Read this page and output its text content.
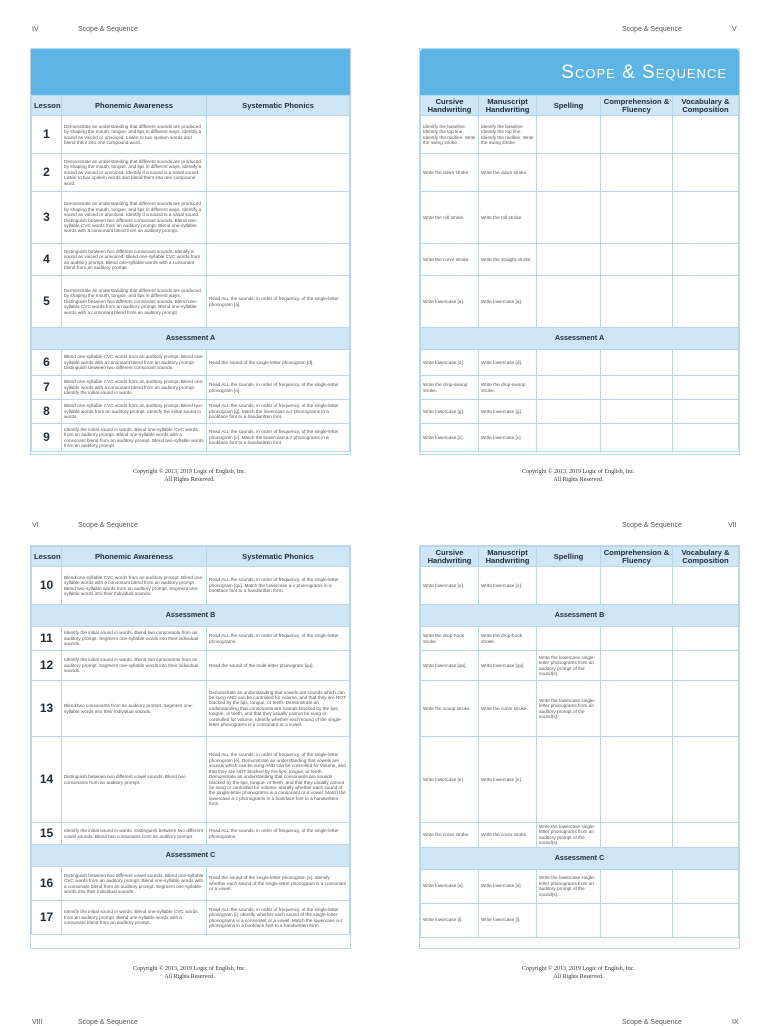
IV	Scope & Sequence
Lesson	Phonemic Awareness	Systematic Phonics
1	Demonstrate an understanding that different sounds are produced by shaping the mouth, tongue, and lips in different ways. Identify a sound as voiced or unvoiced. Listen to two spoken words and blend them into one compound word.	
2	Demonstrate an understanding that different sounds are produced by shaping the mouth, tongue, and lips in different ways. Identify a sound as voiced or unvoiced. Identify if a sound is a nasal sound. Listen to two spoken words and blend them into one compound word.	
3	Demonstrate an understanding that different sounds are produced by shaping the mouth, tongue, and lips in different ways. Identify a sound as voiced or unvoiced. Identify if a sound is a nasal sound. Distinguish between two different consonant sounds. Blend one-syllable CVC words from an auditory prompt. Blend one-syllable words with a consonant blend from an auditory prompt.	
4	Distinguish between two different consonant sounds. Identify a sound as voiced or unvoiced. Blend one-syllable CVC words from an auditory prompt. Blend one-syllable words with a consonant blend from an auditory prompt.	
5	Demonstrate an understanding that different sounds are produced by shaping the mouth, tongue, and lips in different ways. Distinguish between two different consonant sounds. Blend one-syllable CVC words from an auditory prompt. Blend one-syllable words with a consonant blend from an auditory prompt.	Read ALL the sounds, in order of frequency, of the single-letter phonogram [a].
Assessment A		
6	Blend one-syllable CVC words from an auditory prompt. Blend one-syllable words with a consonant blend from an auditory prompt. Distinguish between two different consonant sounds.	Read the sound of the single-letter phonogram [d].
7	Blend one-syllable CVC words from an auditory prompt. Blend one-syllable words with a consonant blend from an auditory prompt. Identify the initial sound in words.	Read ALL the sounds, in order of frequency, of the single-letter phonogram [o].
8	Blend one-syllable CVC words from an auditory prompt. Blend two-syllable words from an auditory prompt. Identify the initial sound in words.	Read ALL the sounds, in order of frequency, of the single-letter phonogram [g]. Match the lowercase a-z phonograms in a bookface font to a handwritten font.
9	Identify the initial sound in words. Blend one-syllable CVC words from an auditory prompt. Blend one-syllable words with a consonant blend from an auditory prompt. Blend two-syllable words from an auditory prompt.	Read ALL the sounds, in order of frequency, of the single-letter phonogram [c]. Match the lowercase a-z phonograms in a bookface font to a handwritten font.
Copyright © 2013, 2019 Logic of English, Inc.
All Rights Reserved.
Scope & Sequence	V
Scope & Sequence
Cursive Handwriting	Manuscript Handwriting	Spelling	Comprehension & Fluency	Vocabulary & Composition
Identify the baseline. Identify the top line. Identify the midline. Write the swing stroke.	Identify the baseline. Identify the top line. Identify the midline. Write the swing stroke.			
Write the down stroke.	Write the down stroke.			
Write the roll stroke.	Write the roll stroke.			
Write the curve stroke.	Write the straight stroke.			
Write lowercase [a].	Write lowercase [a].			
Assessment A				
Write lowercase [d].	Write lowercase [d].			
Write the drop-swoop stroke.	Write the drop-swoop stroke.			
Write lowercase [g].	Write lowercase [g].			
Write lowercase [c].	Write lowercase [c].			
Copyright © 2013, 2019 Logic of English, Inc.
All Rights Reserved.
VI	Scope & Sequence
Lesson	Phonemic Awareness	Systematic Phonics
10	Blend one-syllable CVC words from an auditory prompt. Blend one-syllable words with a consonant blend from an auditory prompt. Blend two-syllable words from an auditory prompt. Segment one-syllable words into their individual sounds.	Read ALL the sounds, in order of frequency, of the single-letter phonogram [qu]. Match the lowercase a-z phonograms in a bookface font to a handwritten form.
Assessment B		
11	Identify the initial sound in words. Blend two consonants from an auditory prompt. Segment one-syllable words into their individual sounds.	Read ALL the sounds, in order of frequency, of the single-letter phonograms.
12	Identify the initial sound in words. Blend two consonants from an auditory prompt. Segment one-syllable words into their individual sounds.	Read the sound of the multi-letter phonogram [qu].
13	Blend two consonants from an auditory prompt. Segment one-syllable words into their individual sounds.	Demonstrate an understanding that vowels are sounds which can be sung AND can be controlled for volume, and that they are NOT blocked by the lips, tongue, or teeth. Demonstrate an understanding that consonants are sounds blocked by the lips, tongue, or teeth, and that they usually cannot be sung or controlled for volume. Identify whether each sound of the single-letter phonograms is a consonant or a vowel.
14	Distinguish between two different vowel sounds. Blend two consonants from an auditory prompt.	Read ALL the sounds, in order of frequency, of the single-letter phonogram [e]. Demonstrate an understanding that vowels are sounds which can be sung AND can be controlled for volume, and that they are NOT blocked by the lips, tongue, or teeth. Demonstrate an understanding that consonants are sounds blocked by the lips, tongue, or teeth, and that they usually cannot be sung or controlled for volume. Identify whether each sound of the single-letter phonograms is a consonant or a vowel. Match the lowercase a-z phonograms in a bookface font to a handwritten form.
15	Identify the initial sound in words. Distinguish between two different vowel sounds. Blend two consonants from an auditory prompt.	Read ALL the sounds, in order of frequency, of the single-letter phonograms.
Assessment C		
16	Distinguish between two different vowel sounds. Blend one-syllable CVC words from an auditory prompt. Blend one-syllable words with a consonant blend from an auditory prompt. Segment one-syllable words into their individual sounds.	Read the sound of the single-letter phonogram [s]. Identify whether each sound of the single-letter phonogram is a consonant or a vowel.
17	Identify the initial sound in words. Blend one-syllable CVC words from an auditory prompt. Blend one-syllable words with a consonant blend from an auditory prompt.	Read ALL the sounds, in order of frequency, of the single-letter phonogram [i]. Identify whether each sound of the single-letter phonograms is a consonant or a vowel. Match the lowercase a-z phonograms in a bookface font to a handwritten form.
Copyright © 2013, 2019 Logic of English, Inc.
All Rights Reserved.
Scope & Sequence	VII
Cursive Handwriting	Manuscript Handwriting	Spelling	Comprehension & Fluency	Vocabulary & Composition
Write lowercase [o].	Write lowercase [o].			
Assessment B				
Write the drop-hook stroke.	Write the drop-hook stroke.			
Write lowercase [qu].	Write lowercase [qu].	Write the lowercase single-letter phonograms from an auditory prompt of the sound(s).		
Write the scoop stroke.	Write the curve stroke.	Write the lowercase single-letter phonograms from an auditory prompt of the sound(s).		
Write lowercase [e].	Write lowercase [e].			
Write the cross stroke.	Write the cross stroke.	Write the lowercase single-letter phonograms from an auditory prompt of the sound(s).		
Assessment C				
Write lowercase [s].	Write lowercase [s].	Write the lowercase single-letter phonograms from an auditory prompt of the sound(s).		
Write lowercase [i].	Write lowercase [i].			
Copyright © 2013, 2019 Logic of English, Inc.
All Rights Reserved.
VIII	Scope & Sequence	Scope & Sequence	IX
